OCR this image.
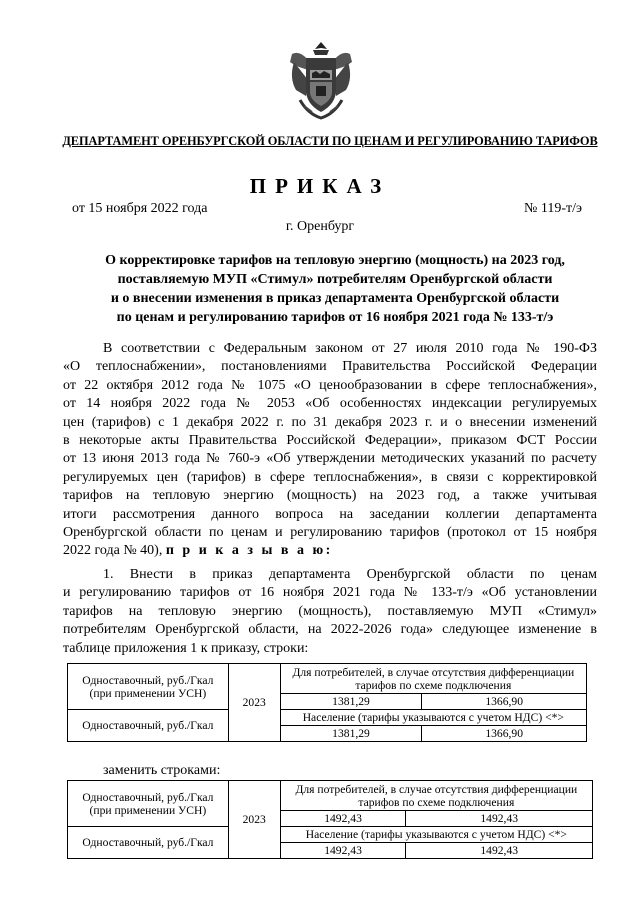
ДЕПАРТАМЕНТ ОРЕНБУРГСКОЙ ОБЛАСТИ ПО ЦЕНАМ И РЕГУЛИРОВАНИЮ ТАРИФОВ
ПРИКАЗ
от 15 ноября 2022 года	№ 119-т/э
г. Оренбург
О корректировке тарифов на тепловую энергию (мощность) на 2023 год,
поставляемую МУП «Стимул» потребителям Оренбургской области
и о внесении изменения в приказ департамента Оренбургской области
по ценам и регулированию тарифов от 16 ноября 2021 года № 133-т/э
В соответствии с Федеральным законом от 27 июля 2010 года № 190-ФЗ
«О теплоснабжении», постановлениями Правительства Российской Федерации
от 22 октября 2012 года № 1075 «О ценообразовании в сфере теплоснабжения»,
от 14 ноября 2022 года № 2053 «Об особенностях индексации регулируемых
цен (тарифов) с 1 декабря 2022 г. по 31 декабря 2023 г. и о внесении изменений
в некоторые акты Правительства Российской Федерации», приказом ФСТ России
от 13 июня 2013 года № 760-э «Об утверждении методических указаний по расчету
регулируемых цен (тарифов) в сфере теплоснабжения», в связи с корректировкой
тарифов на тепловую энергию (мощность) на 2023 год, а также учитывая
итоги рассмотрения данного вопроса на заседании коллегии департамента
Оренбургской области по ценам и регулированию тарифов (протокол от 15 ноября
2022 года № 40), п р и к а з ы в а ю:
1. Внести в приказ департамента Оренбургской области по ценам
и регулированию тарифов от 16 ноября 2021 года № 133-т/э «Об установлении
тарифов на тепловую энергию (мощность), поставляемую МУП «Стимул»
потребителям Оренбургской области, на 2022-2026 года» следующее изменение в
таблице приложения 1 к приказу, строки:
Одноставочный, руб./Гкал (при применении УСН)	2023	Для потребителей, в случае отсутствия дифференциации тарифов по схеме подключения	
		1381,29	1366,90
Одноставочный, руб./Гкал		Население (тарифы указываются с учетом НДС) <*>	
		1381,29	1366,90
заменить строками:
Одноставочный, руб./Гкал (при применении УСН)	2023	Для потребителей, в случае отсутствия дифференциации тарифов по схеме подключения	
		1492,43	1492,43
Одноставочный, руб./Гкал		Население (тарифы указываются с учетом НДС) <*>	
		1492,43	1492,43
